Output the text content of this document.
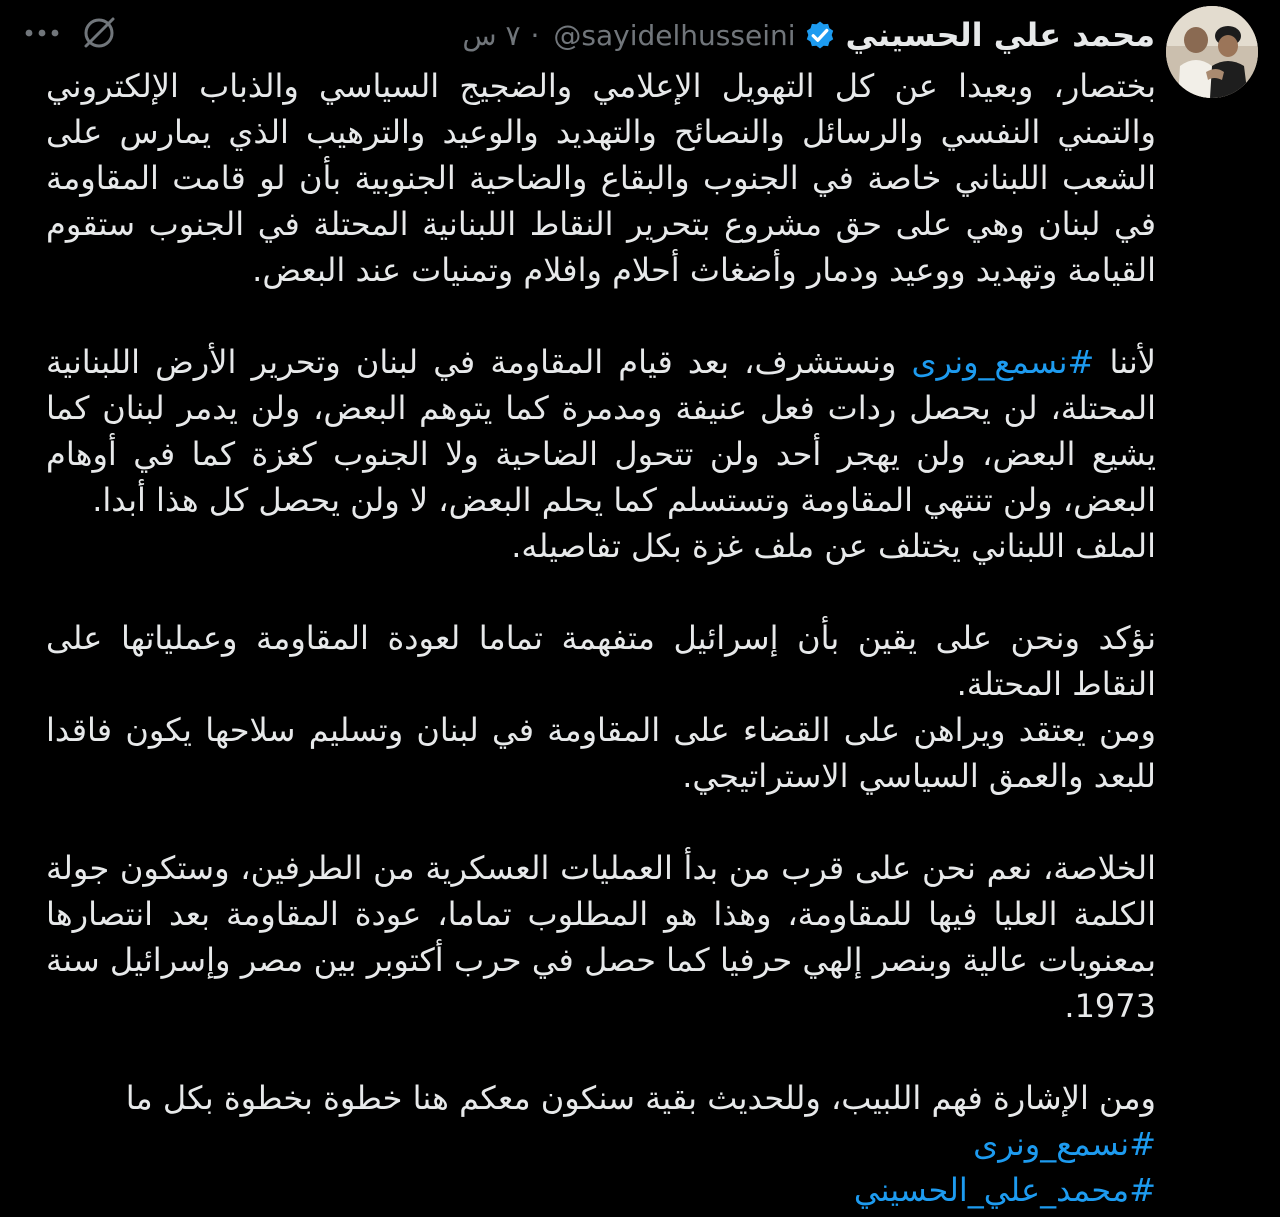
محمد علي الحسيني
@sayidelhusseini
·
٧ س

بختصار، وبعيدا عن كل التهويل الإعلامي والضجيج السياسي والذباب الإلكتروني والتمني النفسي والرسائل والنصائح والتهديد والوعيد والترهيب الذي يمارس على الشعب اللبناني خاصة في الجنوب والبقاع والضاحية الجنوبية بأن لو قامت المقاومة في لبنان وهي على حق مشروع بتحرير النقاط اللبنانية المحتلة في الجنوب ستقوم القيامة وتهديد ووعيد ودمار وأضغاث أحلام وافلام وتمنيات عند البعض.

لأننا #نسمع_ونرى ونستشرف، بعد قيام المقاومة في لبنان وتحرير الأرض اللبنانية المحتلة، لن يحصل ردات فعل عنيفة ومدمرة كما يتوهم البعض، ولن يدمر لبنان كما يشيع البعض، ولن يهجر أحد ولن تتحول الضاحية ولا الجنوب كغزة كما في أوهام البعض، ولن تنتهي المقاومة وتستسلم كما يحلم البعض، لا ولن يحصل كل هذا أبدا.
الملف اللبناني يختلف عن ملف غزة بكل تفاصيله.

نؤكد ونحن على يقين بأن إسرائيل متفهمة تماما لعودة المقاومة وعملياتها على النقاط المحتلة.
ومن يعتقد ويراهن على القضاء على المقاومة في لبنان وتسليم سلاحها يكون فاقدا للبعد والعمق السياسي الاستراتيجي.

الخلاصة، نعم نحن على قرب من بدأ العمليات العسكرية من الطرفين، وستكون جولة الكلمة العليا فيها للمقاومة، وهذا هو المطلوب تماما، عودة المقاومة بعد انتصارها بمعنويات عالية وبنصر إلهي حرفيا كما حصل في حرب أكتوبر بين مصر وإسرائيل سنة 1973.

ومن الإشارة فهم اللبيب، وللحديث بقية سنكون معكم هنا خطوة بخطوة بكل ما
#نسمع_ونرى
#محمد_علي_الحسيني
